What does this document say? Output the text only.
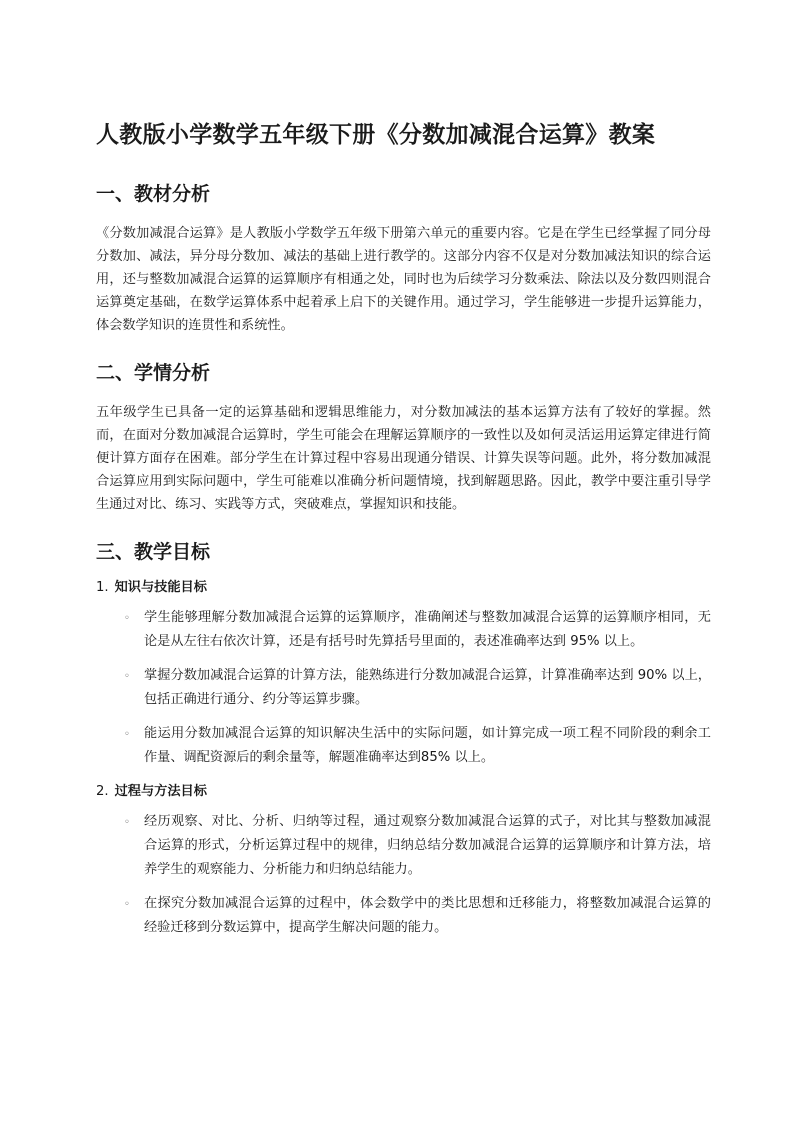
人教版小学数学五年级下册《分数加减混合运算》教案
一、教材分析

《分数加减混合运算》是人教版小学数学五年级下册第六单元的重要内容。它是在学生已经掌握了同分母分数加、减法，异分母分数加、减法的基础上进行教学的。这部分内容不仅是对分数加减法知识的综合运用，还与整数加减混合运算的运算顺序有相通之处，同时也为后续学习分数乘法、除法以及分数四则混合运算奠定基础，在数学运算体系中起着承上启下的关键作用。通过学习，学生能够进一步提升运算能力，体会数学知识的连贯性和系统性。

二、学情分析

五年级学生已具备一定的运算基础和逻辑思维能力，对分数加减法的基本运算方法有了较好的掌握。然而，在面对分数加减混合运算时，学生可能会在理解运算顺序的一致性以及如何灵活运用运算定律进行简便计算方面存在困难。部分学生在计算过程中容易出现通分错误、计算失误等问题。此外，将分数加减混合运算应用到实际问题中，学生可能难以准确分析问题情境，找到解题思路。因此，教学中要注重引导学生通过对比、练习、实践等方式，突破难点，掌握知识和技能。

三、教学目标
1. 知识与技能目标
◦	学生能够理解分数加减混合运算的运算顺序，准确阐述与整数加减混合运算的运算顺序相同，无论是从左往右依次计算，还是有括号时先算括号里面的，表述准确率达到 95% 以上。
◦	掌握分数加减混合运算的计算方法，能熟练进行分数加减混合运算，计算准确率达到 90% 以上，包括正确进行通分、约分等运算步骤。
◦	能运用分数加减混合运算的知识解决生活中的实际问题，如计算完成一项工程不同阶段的剩余工作量、调配资源后的剩余量等，解题准确率达到85% 以上。
2. 过程与方法目标
◦	经历观察、对比、分析、归纳等过程，通过观察分数加减混合运算的式子，对比其与整数加减混合运算的形式，分析运算过程中的规律，归纳总结分数加减混合运算的运算顺序和计算方法，培养学生的观察能力、分析能力和归纳总结能力。
◦	在探究分数加减混合运算的过程中，体会数学中的类比思想和迁移能力，将整数加减混合运算的经验迁移到分数运算中，提高学生解决问题的能力。
